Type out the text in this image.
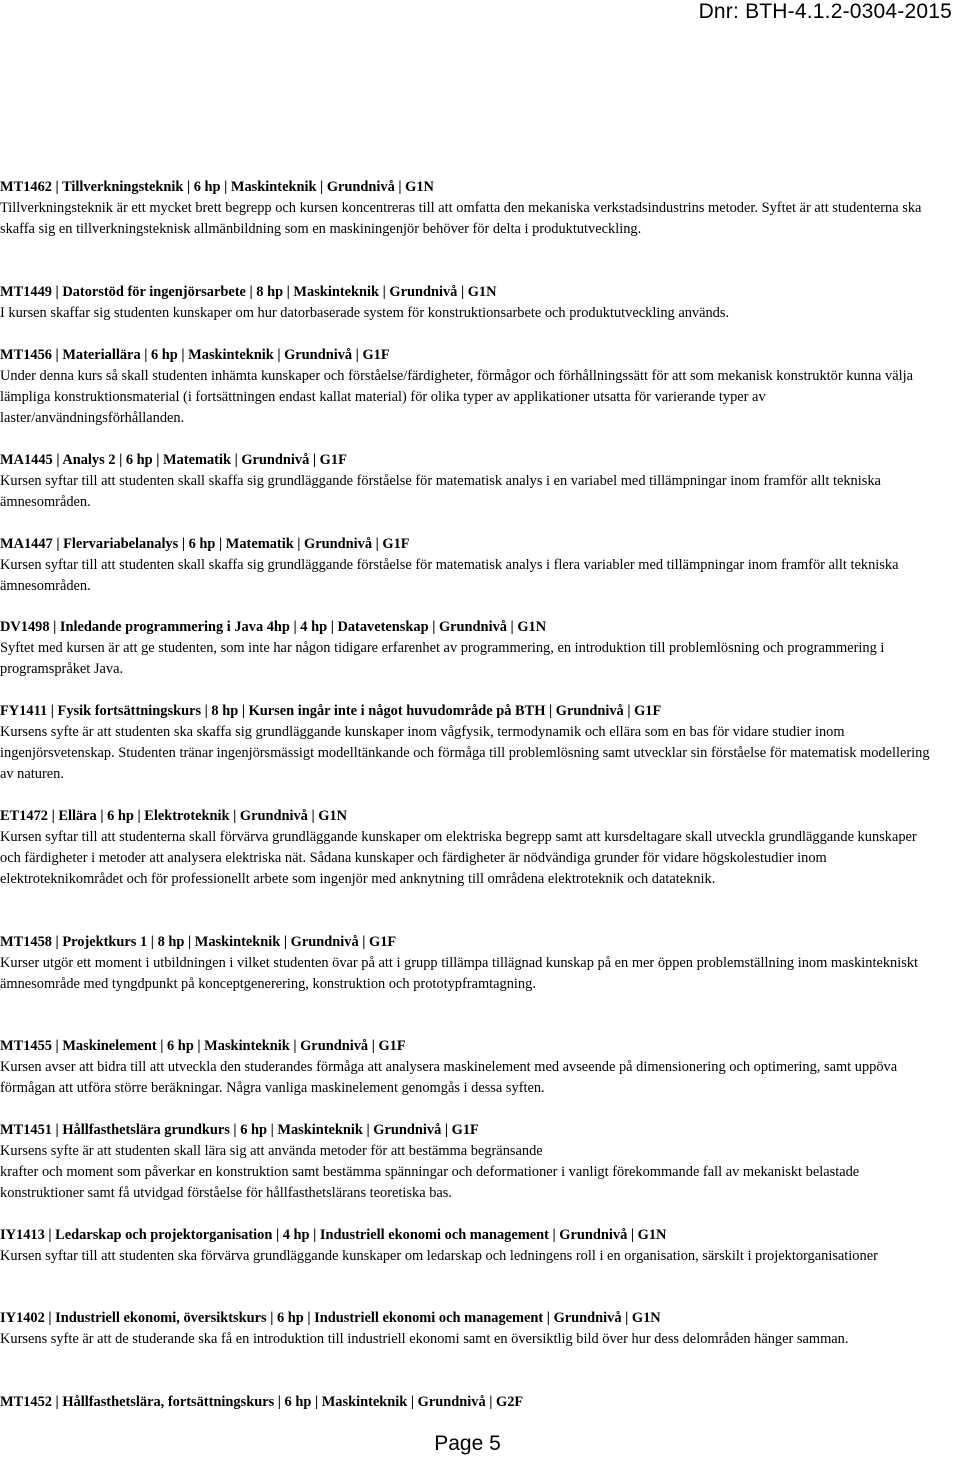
Dnr: BTH-4.1.2-0304-2015
MT1462 | Tillverkningsteknik | 6 hp | Maskinteknik | Grundnivå | G1N

Tillverkningsteknik är ett mycket brett begrepp och kursen koncentreras till att omfatta den mekaniska verkstadsindustrins metoder. Syftet är att studenterna ska skaffa sig en tillverkningsteknisk allmänbildning som en maskiningenjör behöver för delta i produktutveckling.

MT1449 | Datorstöd för ingenjörsarbete | 8 hp | Maskinteknik | Grundnivå | G1N

I kursen skaffar sig studenten kunskaper om hur datorbaserade system för konstruktionsarbete och produktutveckling används.

MT1456 | Materiallära | 6 hp | Maskinteknik | Grundnivå | G1F

Under denna kurs så skall studenten inhämta kunskaper och förståelse/färdigheter, förmågor och förhållningssätt för att som mekanisk konstruktör kunna välja lämpliga konstruktionsmaterial (i fortsättningen endast kallat material) för olika typer av applikationer utsatta för varierande typer av laster/användningsförhållanden.

MA1445 | Analys 2 | 6 hp | Matematik | Grundnivå | G1F

Kursen syftar till att studenten skall skaffa sig grundläggande förståelse för matematisk analys i en variabel med tillämpningar inom framför allt tekniska ämnesområden.

MA1447 | Flervariabelanalys | 6 hp | Matematik | Grundnivå | G1F

Kursen syftar till att studenten skall skaffa sig grundläggande förståelse för matematisk analys i flera variabler med tillämpningar inom framför allt tekniska ämnesområden.

DV1498 | Inledande programmering i Java 4hp | 4 hp | Datavetenskap | Grundnivå | G1N

Syftet med kursen är att ge studenten, som inte har någon tidigare erfarenhet av programmering, en introduktion till problemlösning och programmering i programspråket Java.

FY1411 | Fysik fortsättningskurs | 8 hp | Kursen ingår inte i något huvudområde på BTH | Grundnivå | G1F

Kursens syfte är att studenten ska skaffa sig grundläggande kunskaper inom vågfysik, termodynamik och ellära som en bas för vidare studier inom ingenjörsvetenskap. Studenten tränar ingenjörsmässigt modelltänkande och förmåga till problemlösning samt utvecklar sin förståelse för matematisk modellering av naturen.

ET1472 | Ellära | 6 hp | Elektroteknik | Grundnivå | G1N

Kursen syftar till att studenterna skall förvärva grundläggande kunskaper om elektriska begrepp samt att kursdeltagare skall utveckla grundläggande kunskaper och färdigheter i metoder att analysera elektriska nät. Sådana kunskaper och färdigheter är nödvändiga grunder för vidare högskolestudier inom elektroteknikområdet och för professionellt arbete som ingenjör med anknytning till områdena elektroteknik och datateknik.

MT1458 | Projektkurs 1 | 8 hp | Maskinteknik | Grundnivå | G1F

Kurser utgör ett moment i utbildningen i vilket studenten övar på att i grupp tillämpa tillägnad kunskap på en mer öppen problemställning inom maskintekniskt ämnesområde med tyngdpunkt på konceptgenerering, konstruktion och prototypframtagning.

MT1455 | Maskinelement | 6 hp | Maskinteknik | Grundnivå | G1F

Kursen avser att bidra till att utveckla den studerandes förmåga att analysera maskinelement med avseende på dimensionering och optimering, samt uppöva förmågan att utföra större beräkningar. Några vanliga maskinelement genomgås i dessa syften.

MT1451 | Hållfasthetslära grundkurs | 6 hp | Maskinteknik | Grundnivå | G1F

Kursens syfte är att studenten skall lära sig att använda metoder för att bestämma begränsande
krafter och moment som påverkar en konstruktion samt bestämma spänningar och deformationer i vanligt förekommande fall av mekaniskt belastade konstruktioner samt få utvidgad förståelse för hållfasthetslärans teoretiska bas.

IY1413 | Ledarskap och projektorganisation | 4 hp | Industriell ekonomi och management | Grundnivå | G1N

Kursen syftar till att studenten ska förvärva grundläggande kunskaper om ledarskap och ledningens roll i en organisation, särskilt i projektorganisationer

IY1402 | Industriell ekonomi, översiktskurs | 6 hp | Industriell ekonomi och management | Grundnivå | G1N

Kursens syfte är att de studerande ska få en introduktion till industriell ekonomi samt en översiktlig bild över hur dess delområden hänger samman.

MT1452 | Hållfasthetslära, fortsättningskurs | 6 hp | Maskinteknik | Grundnivå | G2F

Page 5
